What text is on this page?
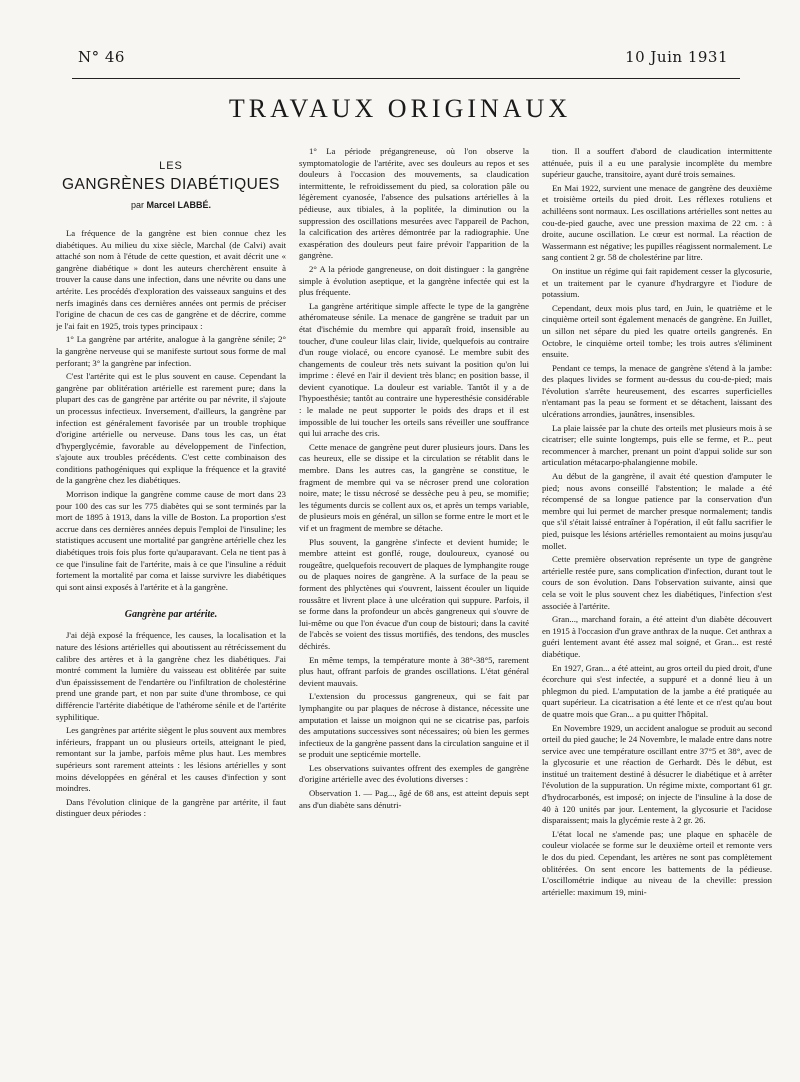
N° 46	10 Juin 1931
TRAVAUX ORIGINAUX
LES
GANGRÈNES DIABÉTIQUES
par Marcel LABBÉ.

La fréquence de la gangrène est bien connue chez les diabétiques. Au milieu du xixe siècle, Marchal (de Calvi) avait attaché son nom à l'étude de cette question, et avait décrit une « gangrène diabétique » dont les auteurs cherchèrent ensuite à trouver la cause dans une infection, dans une névrite ou dans une artérite. Les procédés d'exploration des vaisseaux sanguins et des nerfs imaginés dans ces dernières années ont permis de préciser l'origine de chacun de ces cas de gangrène et de décrire, comme je l'ai fait en 1925, trois types principaux :

1° La gangrène par artérite, analogue à la gangrène sénile; 2° la gangrène nerveuse qui se manifeste surtout sous forme de mal perforant; 3° la gangrène par infection.

C'est l'artérite qui est le plus souvent en cause. Cependant la gangrène par oblitération artérielle est rarement pure; dans la plupart des cas de gangrène par artérite ou par névrite, il s'ajoute un processus infectieux. Inversement, d'ailleurs, la gangrène par infection est généralement favorisée par un trouble trophique d'origine artérielle ou nerveuse. Dans tous les cas, un état d'hyperglycémie, favorable au développement de l'infection, s'ajoute aux troubles précédents. C'est cette combinaison des conditions pathogéniques qui explique la fréquence et la gravité de la gangrène chez les diabétiques.

Morrison indique la gangrène comme cause de mort dans 23 pour 100 des cas sur les 775 diabètes qui se sont terminés par la mort de 1895 à 1913, dans la ville de Boston. La proportion s'est accrue dans ces dernières années depuis l'emploi de l'insuline; les statistiques accusent une mortalité par gangrène artérielle chez les diabétiques trois fois plus forte qu'auparavant. Cela ne tient pas à ce que l'insuline fait de l'artérite, mais à ce que l'insuline a réduit fortement la mortalité par coma et laisse survivre les diabétiques qui sont ainsi exposés à l'artérite et à la gangrène.

Gangrène par artérite.

J'ai déjà exposé la fréquence, les causes, la localisation et la nature des lésions artérielles qui aboutissent au rétrécissement du calibre des artères et à la gangrène chez les diabétiques. J'ai montré comment la lumière du vaisseau est oblitérée par suite d'un épaississement de l'endartère ou l'infiltration de cholestérine prend une grande part, et non par suite d'une thrombose, ce qui différencie l'artérite diabétique de l'athérome sénile et de l'artérite syphilitique.

Les gangrènes par artérite siègent le plus souvent aux membres inférieurs, frappant un ou plusieurs orteils, atteignant le pied, remontant sur la jambe, parfois même plus haut. Les membres supérieurs sont rarement atteints : les lésions artérielles y sont moins développées en général et les causes d'infection y sont moindres.

Dans l'évolution clinique de la gangrène par artérite, il faut distinguer deux périodes :

1° La période prégangreneuse, où l'on observe la symptomatologie de l'artérite, avec ses douleurs au repos et ses douleurs à l'occasion des mouvements, sa claudication intermittente, le refroidissement du pied, sa coloration pâle ou légèrement cyanosée, l'absence des pulsations artérielles à la pédieuse, aux tibiales, à la poplitée, la diminution ou la suppression des oscillations mesurées avec l'appareil de Pachon, la calcification des artères démontrée par la radiographie. Une exaspération des douleurs peut faire prévoir l'apparition de la gangrène.

2° A la période gangreneuse, on doit distinguer : la gangrène simple à évolution aseptique, et la gangrène infectée qui est la plus fréquente.

La gangrène artéritique simple affecte le type de la gangrène athéromateuse sénile. La menace de gangrène se traduit par un état d'ischémie du membre qui apparaît froid, insensible au toucher, d'une couleur lilas clair, livide, quelquefois au contraire d'un rouge violacé, ou encore cyanosé. Le membre subit des changements de couleur très nets suivant la position qu'on lui imprime : élevé en l'air il devient très blanc; en position basse, il devient cyanotique. La douleur est variable. Tantôt il y a de l'hypoesthésie; tantôt au contraire une hyperesthésie considérable : le malade ne peut supporter le poids des draps et il est impossible de lui toucher les orteils sans réveiller une souffrance qui lui arrache des cris.

Cette menace de gangrène peut durer plusieurs jours. Dans les cas heureux, elle se dissipe et la circulation se rétablit dans le membre. Dans les autres cas, la gangrène se constitue, le fragment de membre qui va se nécroser prend une coloration noire, mate; le tissu nécrosé se dessèche peu à peu, se momifie; les téguments durcis se collent aux os, et après un temps variable, de plusieurs mois en général, un sillon se forme entre le mort et le vif et un fragment de membre se détache.

Plus souvent, la gangrène s'infecte et devient humide; le membre atteint est gonflé, rouge, douloureux, cyanosé ou rougeâtre, quelquefois recouvert de plaques de lymphangite rouge ou de plaques noires de gangrène. A la surface de la peau se forment des phlyctènes qui s'ouvrent, laissent écouler un liquide roussâtre et livrent place à une ulcération qui suppure. Parfois, il se forme dans la profondeur un abcès gangreneux qui s'ouvre de lui-même ou que l'on évacue d'un coup de bistouri; dans la cavité de l'abcès se voient des tissus mortifiés, des tendons, des muscles déchirés.

En même temps, la température monte à 38°-38°5, rarement plus haut, offrant parfois de grandes oscillations. L'état général devient mauvais.

L'extension du processus gangreneux, qui se fait par lymphangite ou par plaques de nécrose à distance, nécessite une amputation et laisse un moignon qui ne se cicatrise pas, parfois des amputations successives sont nécessaires; où bien les germes infectieux de la gangrène passent dans la circulation sanguine et il se produit une septicémie mortelle.

Les observations suivantes offrent des exemples de gangrène d'origine artérielle avec des évolutions diverses :

Observation 1. — Pag..., âgé de 68 ans, est atteint depuis sept ans d'un diabète sans dénutri-

tion. Il a souffert d'abord de claudication intermittente atténuée, puis il a eu une paralysie incomplète du membre supérieur gauche, transitoire, ayant duré trois semaines.

En Mai 1922, survient une menace de gangrène des deuxième et troisième orteils du pied droit. Les réflexes rotuliens et achilléens sont normaux. Les oscillations artérielles sont nettes au cou-de-pied gauche, avec une pression maxima de 22 cm. : à droite, aucune oscillation. Le cœur est normal. La réaction de Wassermann est négative; les pupilles réagissent normalement. Le sang contient 2 gr. 58 de cholestérine par litre.

On institue un régime qui fait rapidement cesser la glycosurie, et un traitement par le cyanure d'hydrargyre et l'iodure de potassium.

Cependant, deux mois plus tard, en Juin, le quatrième et le cinquième orteil sont également menacés de gangrène. En Juillet, un sillon net sépare du pied les quatre orteils gangrenés. En Octobre, le cinquième orteil tombe; les trois autres s'éliminent ensuite.

Pendant ce temps, la menace de gangrène s'étend à la jambe: des plaques livides se forment au-dessus du cou-de-pied; mais l'évolution s'arrête heureusement, des escarres superficielles n'entamant pas la peau se forment et se détachent, laissant des ulcérations arrondies, jaunâtres, insensibles.

La plaie laissée par la chute des orteils met plusieurs mois à se cicatriser; elle suinte longtemps, puis elle se ferme, et P... peut recommencer à marcher, prenant un point d'appui solide sur son articulation métacarpo-phalangienne mobile.

Au début de la gangrène, il avait été question d'amputer le pied; nous avons conseillé l'abstention; le malade a été récompensé de sa longue patience par la conservation d'un membre qui lui permet de marcher presque normalement; tandis que s'il s'était laissé entraîner à l'opération, il eût fallu sacrifier le pied, puisque les lésions artérielles remontaient au moins jusqu'au mollet.

Cette première observation représente un type de gangrène artérielle restée pure, sans complication d'infection, durant tout le cours de son évolution. Dans l'observation suivante, ainsi que cela se voit le plus souvent chez les diabétiques, l'infection s'est associée à l'artérite.

Gran..., marchand forain, a été atteint d'un diabète découvert en 1915 à l'occasion d'un grave anthrax de la nuque. Cet anthrax a guéri lentement avant été assez mal soigné, et Gran... est resté diabétique.

En 1927, Gran... a été atteint, au gros orteil du pied droit, d'une écorchure qui s'est infectée, a suppuré et a donné lieu à un phlegmon du pied. L'amputation de la jambe a été pratiquée au quart supérieur. La cicatrisation a été lente et ce n'est qu'au bout de quatre mois que Gran... a pu quitter l'hôpital.

En Novembre 1929, un accident analogue se produit au second orteil du pied gauche; le 24 Novembre, le malade entre dans notre service avec une température oscillant entre 37°5 et 38°, avec de la glycosurie et une réaction de Gerhardt. Dès le début, est institué un traitement destiné à désucrer le diabétique et à arrêter l'évolution de la suppuration. Un régime mixte, comportant 61 gr. d'hydrocarbonés, est imposé; on injecte de l'insuline à la dose de 40 à 120 unités par jour. Lentement, la glycosurie et l'acidose disparaissent; mais la glycémie reste à 2 gr. 26.

L'état local ne s'amende pas; une plaque en sphacèle de couleur violacée se forme sur le deuxième orteil et remonte vers le dos du pied. Cependant, les artères ne sont pas complètement oblitérées. On sent encore les battements de la pédieuse. L'oscillométrie indique au niveau de la cheville: pression artérielle: maximum 19, mini-
